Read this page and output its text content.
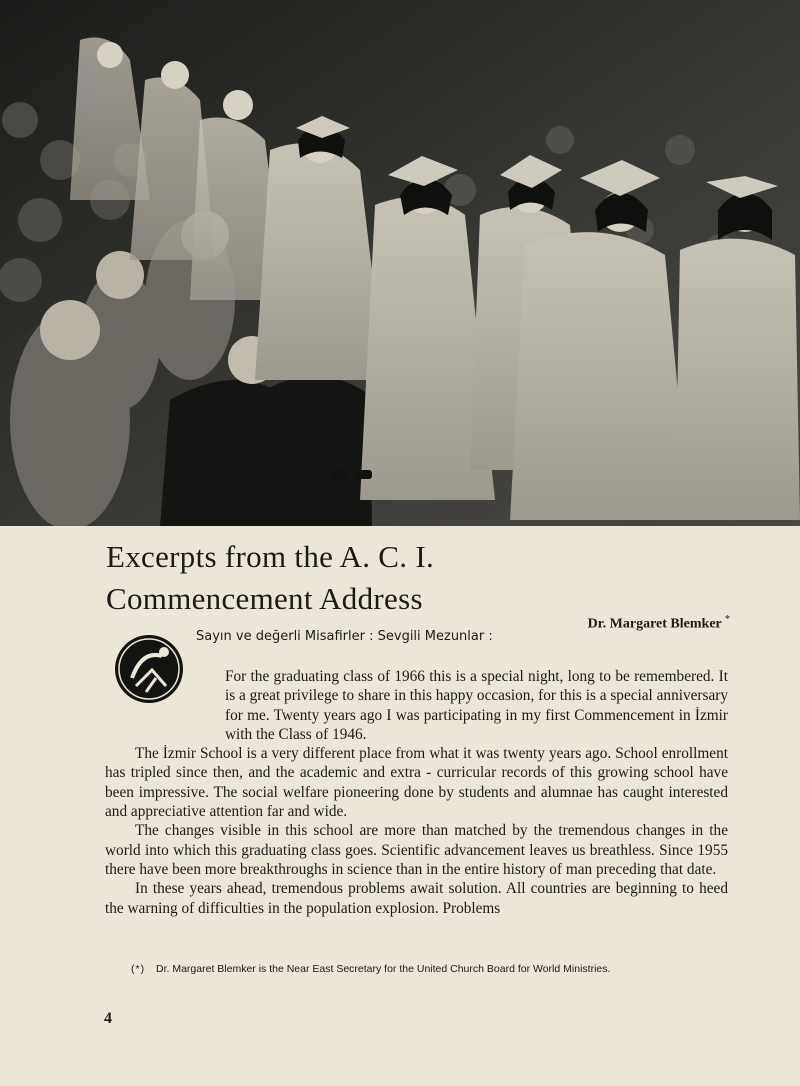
Excerpts from the A. C. I. Commencement Address
Dr. Margaret Blemker *
Sayın ve değerli Misafirler : Sevgili Mezunlar :

For the graduating class of 1966 this is a special night, long to be remembered. It is a great privilege to share in this happy occasion, for this is a special anniversary for me. Twenty years ago I was participating in my first Commencement in İzmir with the Class of 1946.

The İzmir School is a very different place from what it was twenty years ago. School enrollment has tripled since then, and the academic and extra - curricular records of this growing school have been impressive. The social welfare pioneering done by students and alumnae has caught interested and appreciative attention far and wide.

The changes visible in this school are more than matched by the tremendous changes in the world into which this graduating class goes. Scientific advancement leaves us breathless. Since 1955 there have been more breakthroughs in science than in the entire history of man preceding that date.

In these years ahead, tremendous problems await solution. All countries are beginning to heed the warning of difficulties in the population explosion. Problems

(*) Dr. Margaret Blemker is the Near East Secretary for the United Church Board for World Ministries.
4
